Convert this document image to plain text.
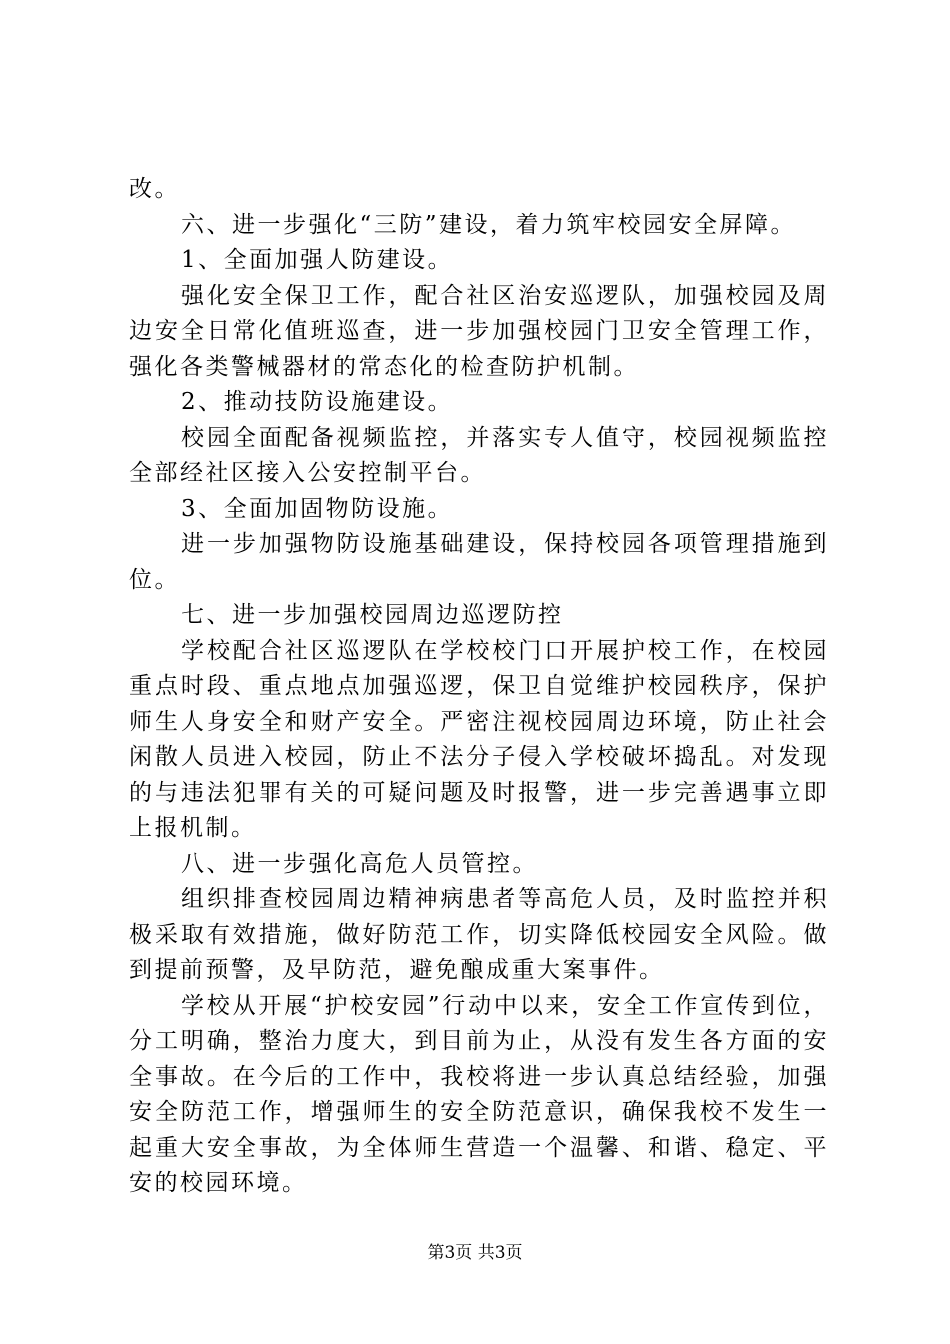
改。

六、进一步强化“三防”建设，着力筑牢校园安全屏障。

1、全面加强人防建设。

强化安全保卫工作，配合社区治安巡逻队，加强校园及周边安全日常化值班巡查，进一步加强校园门卫安全管理工作，强化各类警械器材的常态化的检查防护机制。

2、推动技防设施建设。

校园全面配备视频监控，并落实专人值守，校园视频监控全部经社区接入公安控制平台。

3、全面加固物防设施。

进一步加强物防设施基础建设，保持校园各项管理措施到位。

七、进一步加强校园周边巡逻防控

学校配合社区巡逻队在学校校门口开展护校工作，在校园重点时段、重点地点加强巡逻，保卫自觉维护校园秩序，保护师生人身安全和财产安全。严密注视校园周边环境，防止社会闲散人员进入校园，防止不法分子侵入学校破坏捣乱。对发现的与违法犯罪有关的可疑问题及时报警，进一步完善遇事立即上报机制。

八、进一步强化高危人员管控。

组织排查校园周边精神病患者等高危人员，及时监控并积极采取有效措施，做好防范工作，切实降低校园安全风险。做到提前预警，及早防范，避免酿成重大案事件。

学校从开展“护校安园”行动中以来，安全工作宣传到位，分工明确，整治力度大，到目前为止，从没有发生各方面的安全事故。在今后的工作中，我校将进一步认真总结经验，加强安全防范工作，增强师生的安全防范意识，确保我校不发生一起重大安全事故，为全体师生营造一个温馨、和谐、稳定、平安的校园环境。

第3页 共3页
